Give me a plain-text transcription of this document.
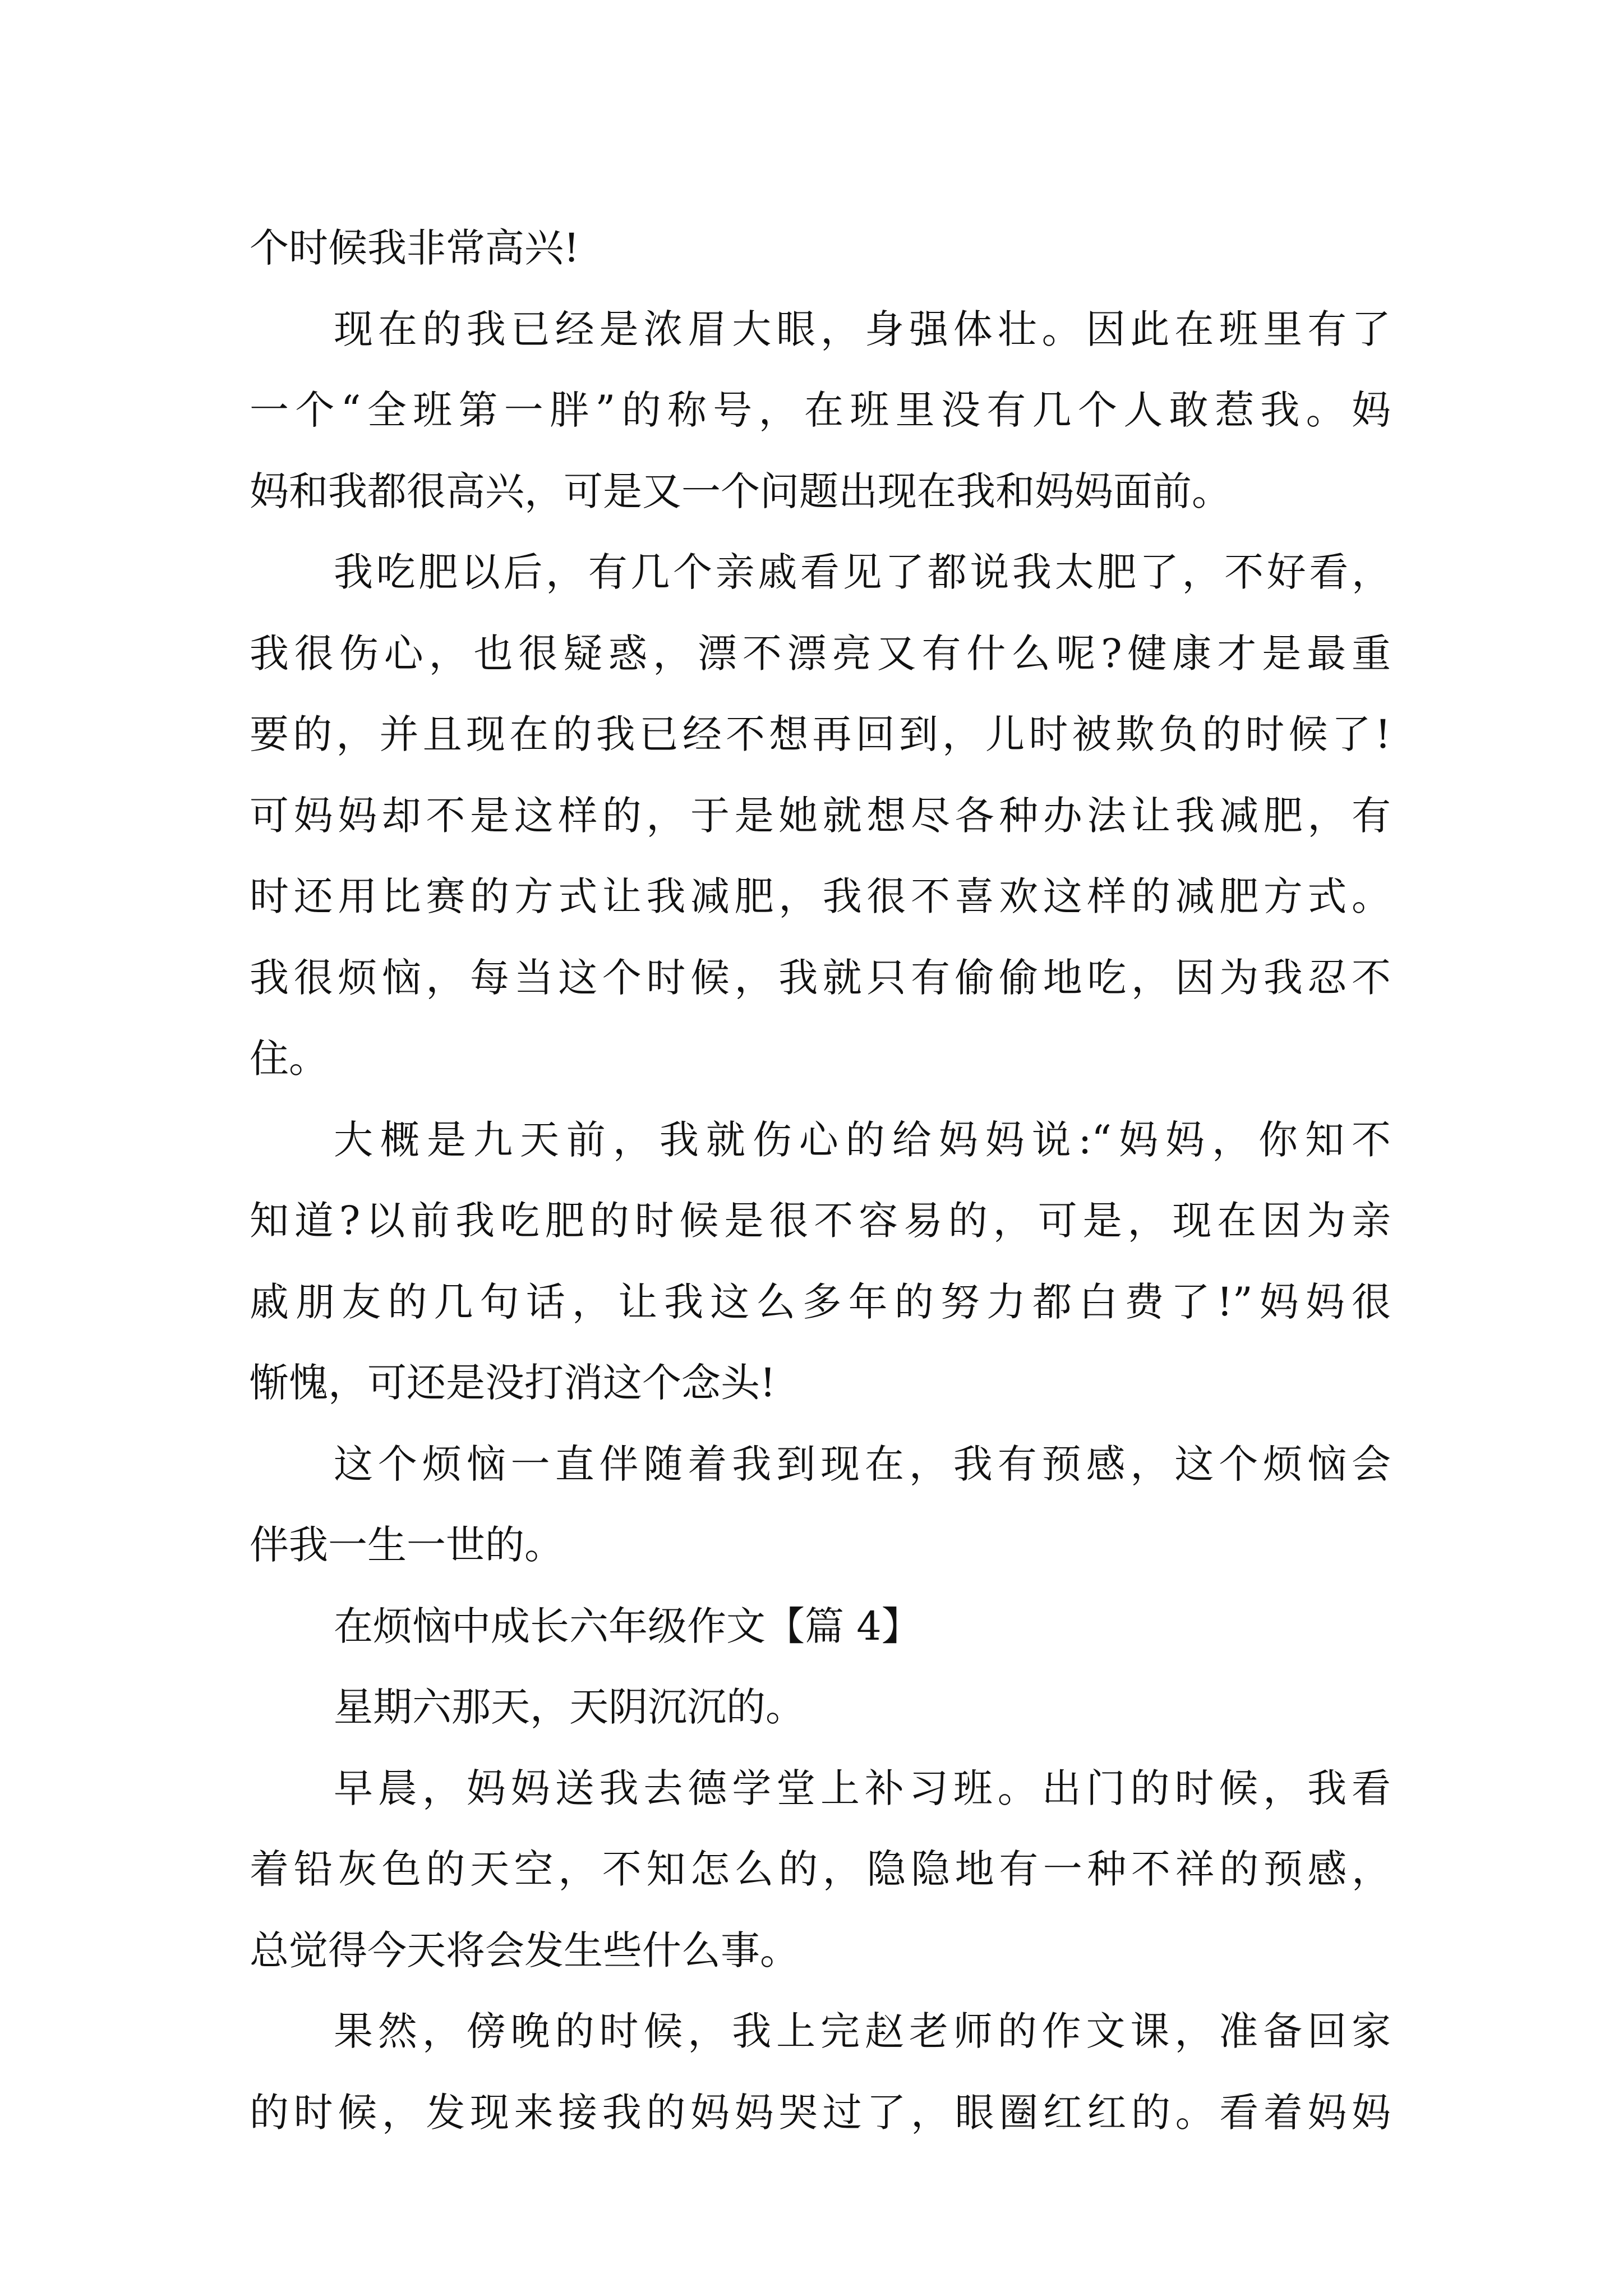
个时候我非常高兴!

现在的我已经是浓眉大眼，身强体壮。因此在班里有了
一个“全班第一胖”的称号，在班里没有几个人敢惹我。妈
妈和我都很高兴，可是又一个问题出现在我和妈妈面前。

我吃肥以后，有几个亲戚看见了都说我太肥了，不好看，
我很伤心，也很疑惑，漂不漂亮又有什么呢?健康才是最重
要的，并且现在的我已经不想再回到，儿时被欺负的时候了!
可妈妈却不是这样的，于是她就想尽各种办法让我减肥，有
时还用比赛的方式让我减肥，我很不喜欢这样的减肥方式。
我很烦恼，每当这个时候，我就只有偷偷地吃，因为我忍不
住。

大概是九天前，我就伤心的给妈妈说:“妈妈，你知不
知道?以前我吃肥的时候是很不容易的，可是，现在因为亲
戚朋友的几句话，让我这么多年的努力都白费了!”妈妈很
惭愧，可还是没打消这个念头!

这个烦恼一直伴随着我到现在，我有预感，这个烦恼会
伴我一生一世的。

在烦恼中成长六年级作文【篇 4】

星期六那天，天阴沉沉的。

早晨，妈妈送我去德学堂上补习班。出门的时候，我看
着铅灰色的天空，不知怎么的，隐隐地有一种不祥的预感，
总觉得今天将会发生些什么事。

果然，傍晚的时候，我上完赵老师的作文课，准备回家
的时候，发现来接我的妈妈哭过了，眼圈红红的。看着妈妈
